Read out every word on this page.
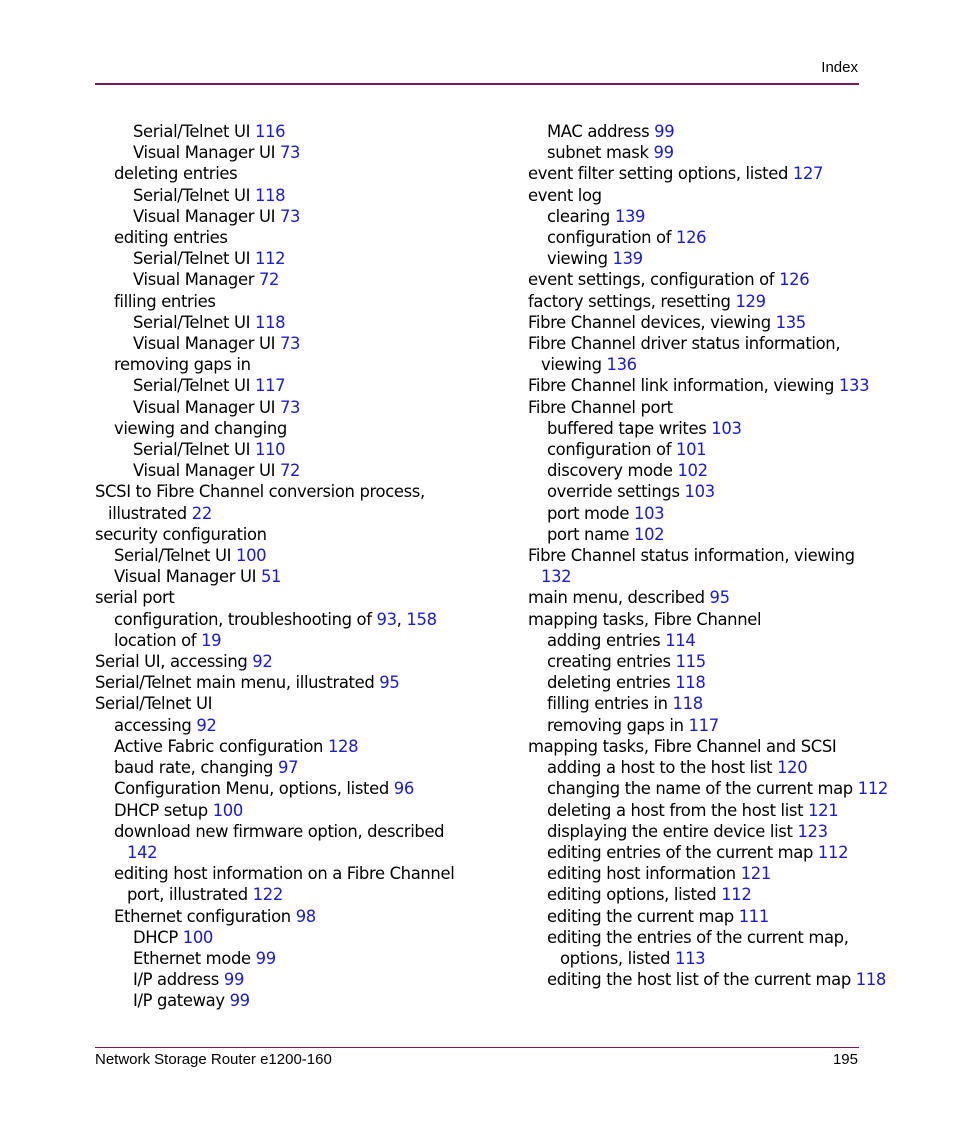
Index
Serial/Telnet UI 116
Visual Manager UI 73
deleting entries
Serial/Telnet UI 118
Visual Manager UI 73
editing entries
Serial/Telnet UI 112
Visual Manager 72
filling entries
Serial/Telnet UI 118
Visual Manager UI 73
removing gaps in
Serial/Telnet UI 117
Visual Manager UI 73
viewing and changing
Serial/Telnet UI 110
Visual Manager UI 72
SCSI to Fibre Channel conversion process,
illustrated 22
security configuration
Serial/Telnet UI 100
Visual Manager UI 51
serial port
configuration, troubleshooting of 93, 158
location of 19
Serial UI, accessing 92
Serial/Telnet main menu, illustrated 95
Serial/Telnet UI
accessing 92
Active Fabric configuration 128
baud rate, changing 97
Configuration Menu, options, listed 96
DHCP setup 100
download new firmware option, described
142
editing host information on a Fibre Channel
port, illustrated 122
Ethernet configuration 98
DHCP 100
Ethernet mode 99
I/P address 99
I/P gateway 99
MAC address 99
subnet mask 99
event filter setting options, listed 127
event log
clearing 139
configuration of 126
viewing 139
event settings, configuration of 126
factory settings, resetting 129
Fibre Channel devices, viewing 135
Fibre Channel driver status information,
viewing 136
Fibre Channel link information, viewing 133
Fibre Channel port
buffered tape writes 103
configuration of 101
discovery mode 102
override settings 103
port mode 103
port name 102
Fibre Channel status information, viewing
132
main menu, described 95
mapping tasks, Fibre Channel
adding entries 114
creating entries 115
deleting entries 118
filling entries in 118
removing gaps in 117
mapping tasks, Fibre Channel and SCSI
adding a host to the host list 120
changing the name of the current map 112
deleting a host from the host list 121
displaying the entire device list 123
editing entries of the current map 112
editing host information 121
editing options, listed 112
editing the current map 111
editing the entries of the current map,
options, listed 113
editing the host list of the current map 118
Network Storage Router e1200-160	195
